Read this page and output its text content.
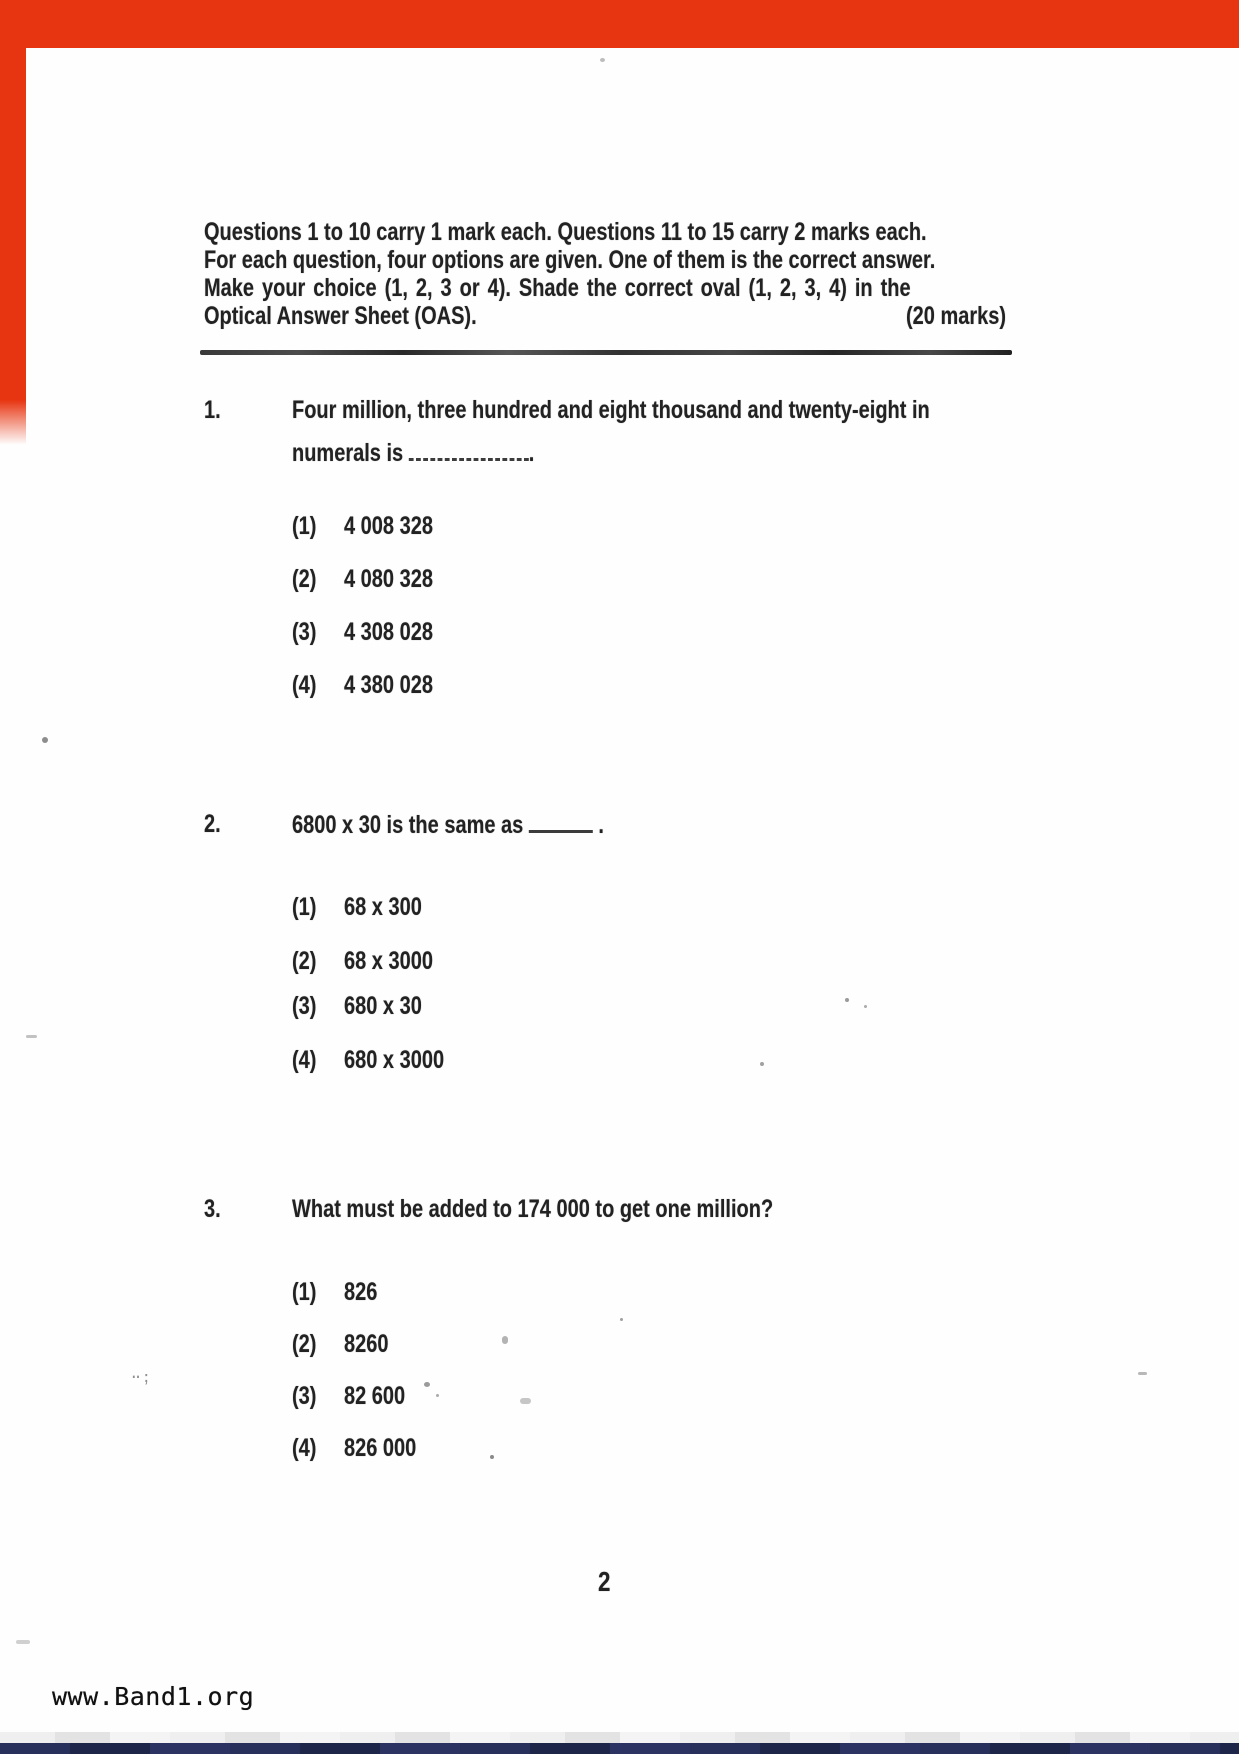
Questions 1 to 10 carry 1 mark each. Questions 11 to 15 carry 2 marks each.
For each question, four options are given. One of them is the correct answer.
Make your choice (1, 2, 3 or 4). Shade the correct oval (1, 2, 3, 4) in the
Optical Answer Sheet (OAS).	(20 marks)
1.	Four million, three hundred and eight thousand and twenty-eight in
numerals is	.
(1) 4 008 328
(2) 4 080 328
(3) 4 308 028
(4) 4 380 028
2.	6800 x 30 is the same as	.
(1) 68 x 300
(2) 68 x 3000
(3) 680 x 30
(4) 680 x 3000
3.	What must be added to 174 000 to get one million?
(1) 826
(2) 8260
(3) 82 600
(4) 826 000
2
www.Band1.org
·· ;
